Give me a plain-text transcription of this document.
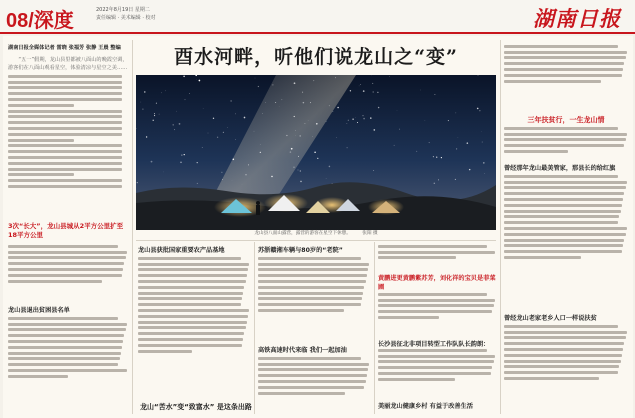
08/深度	2022年8月19日 星期二
责任编辑 · 美术编辑 · 校对	湖南日报
湖南日报全媒体记者 雷晓 张福芳 张静 王晨 整编
“五一”假期，龙山县里都被八面山的晚霞空调，游客们在八面山观看星空，体验清凉与星空之美……
3次“长大”，龙山县城从2平方公里扩至18平方公里
龙山县退出贫困县名单
酉水河畔，听他们说龙山之“变”
龙山县八面山露营，露营的游客在星空下休憩。 张阳 摄
龙山县获批国家重要农产品基地
龙山“苦水”变“致富水” 是这条出路
苏浙赣湘车辆与80岁的“老院”
高铁高速时代来临 我们一起加油
黄鹏进更黄鹏紫苏芳，刘化祥的宝贝是菲菜圃
长沙县征北非项目转型工作队队长韵朗：
美丽龙山健康乡村 有益于改善生活
三年扶贫行，一生龙山情
曾经那年龙山最美管家，那县长的给红旗
曾经龙山老家老乡人口一样说扶贫
